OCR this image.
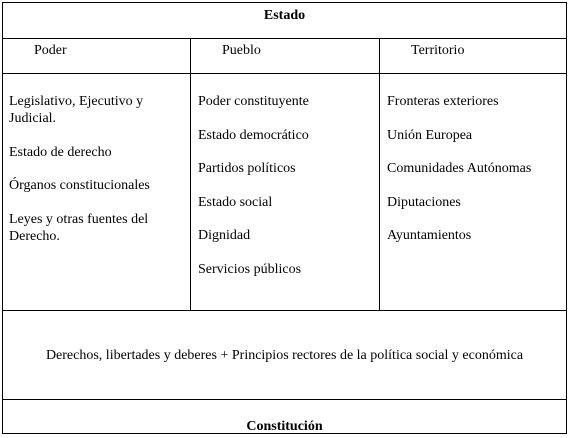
Estado
Poder	Pueblo	Territorio
Legislativo, Ejecutivo y Judicial.
Estado de derecho
Órganos constitucionales
Leyes y otras fuentes del Derecho.
Poder constituyente
Estado democrático
Partidos políticos
Estado social
Dignidad
Servicios públicos
Fronteras exteriores
Unión Europea
Comunidades Autónomas
Diputaciones
Ayuntamientos
Derechos, libertades y deberes + Principios rectores de la política social y económica
Constitución
